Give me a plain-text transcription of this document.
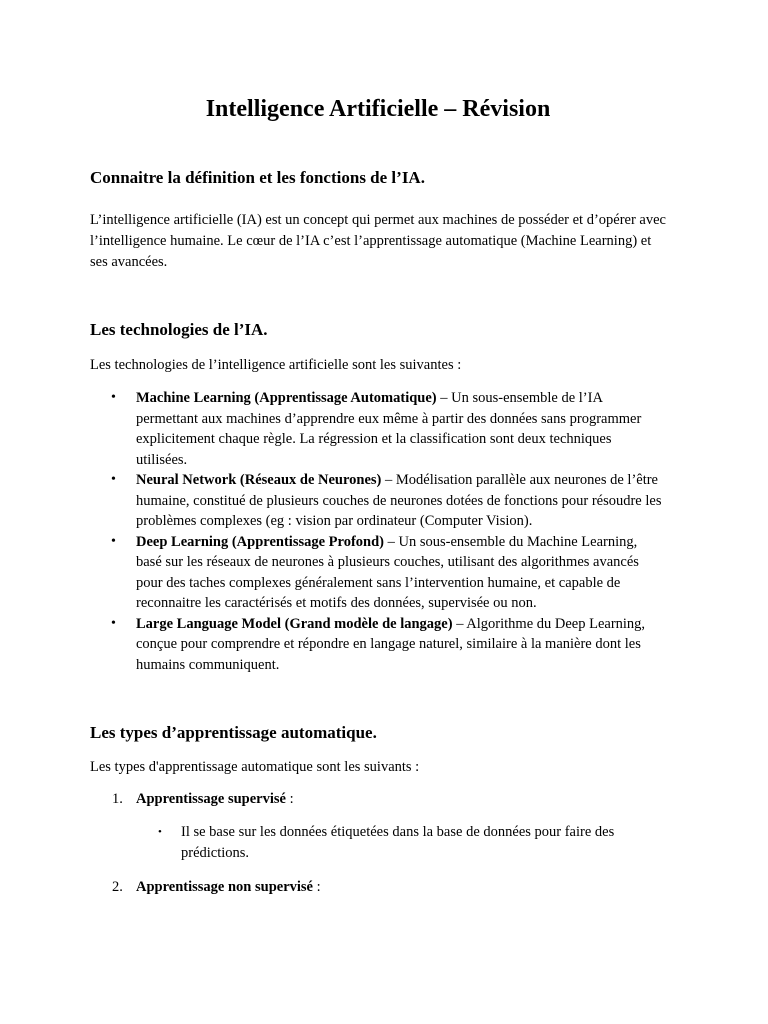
Intelligence Artificielle – Révision
Connaitre la définition et les fonctions de l’IA.

L’intelligence artificielle (IA) est un concept qui permet aux machines de posséder et d’opérer avec l’intelligence humaine. Le cœur de l’IA c’est l’apprentissage automatique (Machine Learning) et ses avancées.

Les technologies de l’IA.

Les technologies de l’intelligence artificielle sont les suivantes :

• Machine Learning (Apprentissage Automatique) – Un sous-ensemble de l’IA permettant aux machines d’apprendre eux même à partir des données sans programmer explicitement chaque règle. La régression et la classification sont deux techniques utilisées.
• Neural Network (Réseaux de Neurones) – Modélisation parallèle aux neurones de l’être humaine, constitué de plusieurs couches de neurones dotées de fonctions pour résoudre les problèmes complexes (eg : vision par ordinateur (Computer Vision).
• Deep Learning (Apprentissage Profond) – Un sous-ensemble du Machine Learning, basé sur les réseaux de neurones à plusieurs couches, utilisant des algorithmes avancés pour des taches complexes généralement sans l’intervention humaine, et capable de reconnaitre les caractérisés et motifs des données, supervisée ou non.
• Large Language Model (Grand modèle de langage) – Algorithme du Deep Learning, conçue pour comprendre et répondre en langage naturel, similaire à la manière dont les humains communiquent.
Les types d’apprentissage automatique.

Les types d'apprentissage automatique sont les suivants :

1. Apprentissage supervisé :
• Il se base sur les données étiquetées dans la base de données pour faire des prédictions.
2. Apprentissage non supervisé :
